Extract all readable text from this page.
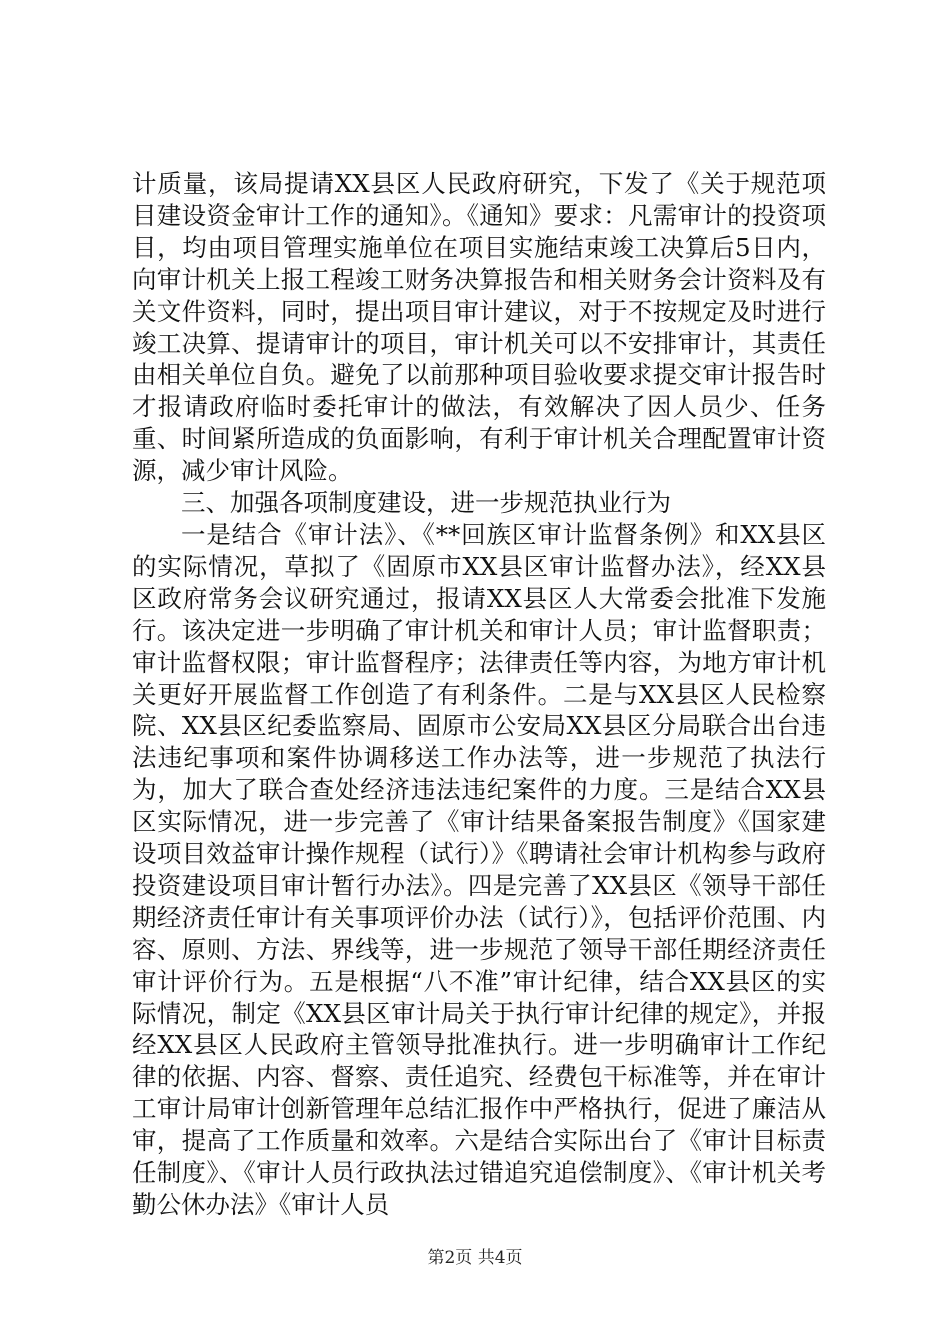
计质量，该局提请XX县区人民政府研究，下发了《关于规范项目建设资金审计工作的通知》。《通知》要求：凡需审计的投资项目，均由项目管理实施单位在项目实施结束竣工决算后5日内，向审计机关上报工程竣工财务决算报告和相关财务会计资料及有关文件资料，同时，提出项目审计建议，对于不按规定及时进行竣工决算、提请审计的项目，审计机关可以不安排审计，其责任由相关单位自负。避免了以前那种项目验收要求提交审计报告时才报请政府临时委托审计的做法，有效解决了因人员少、任务重、时间紧所造成的负面影响，有利于审计机关合理配置审计资源，减少审计风险。

三、加强各项制度建设，进一步规范执业行为

一是结合《审计法》、《**回族区审计监督条例》和XX县区的实际情况，草拟了《固原市XX县区审计监督办法》，经XX县区政府常务会议研究通过，报请XX县区人大常委会批准下发施行。该决定进一步明确了审计机关和审计人员；审计监督职责；审计监督权限；审计监督程序；法律责任等内容，为地方审计机关更好开展监督工作创造了有利条件。二是与XX县区人民检察院、XX县区纪委监察局、固原市公安局XX县区分局联合出台违法违纪事项和案件协调移送工作办法等，进一步规范了执法行为，加大了联合查处经济违法违纪案件的力度。三是结合XX县区实际情况，进一步完善了《审计结果备案报告制度》《国家建设项目效益审计操作规程（试行）》《聘请社会审计机构参与政府投资建设项目审计暂行办法》。四是完善了XX县区《领导干部任期经济责任审计有关事项评价办法（试行）》，包括评价范围、内容、原则、方法、界线等，进一步规范了领导干部任期经济责任审计评价行为。五是根据“八不准”审计纪律，结合XX县区的实际情况，制定《XX县区审计局关于执行审计纪律的规定》，并报经XX县区人民政府主管领导批准执行。进一步明确审计工作纪律的依据、内容、督察、责任追究、经费包干标准等，并在审计工审计局审计创新管理年总结汇报作中严格执行，促进了廉洁从审，提高了工作质量和效率。六是结合实际出台了《审计目标责任制度》、《审计人员行政执法过错追究追偿制度》、《审计机关考勤公休办法》《审计人员

第2页 共4页
